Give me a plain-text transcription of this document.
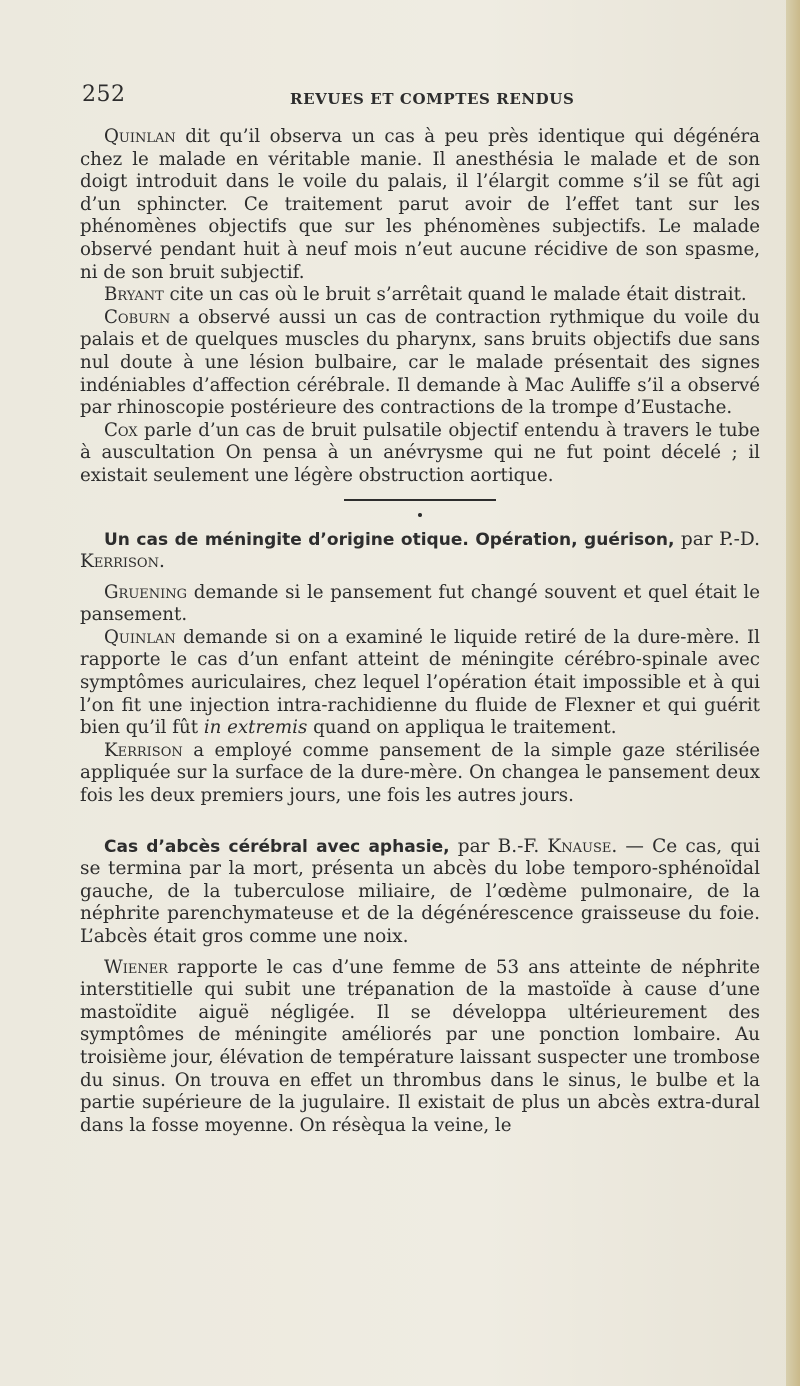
252	REVUES ET COMPTES RENDUS

Quinlan dit qu’il observa un cas à peu près identique qui dégénéra chez le malade en véritable manie. Il anesthésia le malade et de son doigt introduit dans le voile du palais, il l’élargit comme s’il se fût agi d’un sphincter. Ce traitement parut avoir de l’effet tant sur les phénomènes objectifs que sur les phénomènes subjectifs. Le malade observé pendant huit à neuf mois n’eut aucune récidive de son spasme, ni de son bruit subjectif.

Bryant cite un cas où le bruit s’arrêtait quand le malade était distrait.

Coburn a observé aussi un cas de contraction rythmique du voile du palais et de quelques muscles du pharynx, sans bruits objectifs due sans nul doute à une lésion bulbaire, car le malade présentait des signes indéniables d’affection cérébrale. Il demande à Mac Auliffe s’il a observé par rhinoscopie postérieure des contractions de la trompe d’Eustache.

Cox parle d’un cas de bruit pulsatile objectif entendu à travers le tube à auscultation On pensa à un anévrysme qui ne fut point décelé ; il existait seulement une légère obstruction aortique.

Un cas de méningite d’origine otique. Opération, guérison, par P.-D. Kerrison.

Gruening demande si le pansement fut changé souvent et quel était le pansement.

Quinlan demande si on a examiné le liquide retiré de la dure-mère. Il rapporte le cas d’un enfant atteint de méningite cérébro-spinale avec symptômes auriculaires, chez lequel l’opération était impossible et à qui l’on fit une injection intra-rachidienne du fluide de Flexner et qui guérit bien qu’il fût in extremis quand on appliqua le traitement.

Kerrison a employé comme pansement de la simple gaze stérilisée appliquée sur la surface de la dure-mère. On changea le pansement deux fois les deux premiers jours, une fois les autres jours.

Cas d’abcès cérébral avec aphasie, par B.-F. Knause. — Ce cas, qui se termina par la mort, présenta un abcès du lobe temporo-sphénoïdal gauche, de la tuberculose miliaire, de l’œdème pulmonaire, de la néphrite parenchymateuse et de la dégénérescence graisseuse du foie. L’abcès était gros comme une noix.

Wiener rapporte le cas d’une femme de 53 ans atteinte de néphrite interstitielle qui subit une trépanation de la mastoïde à cause d’une mastoïdite aiguë négligée. Il se développa ultérieurement des symptômes de méningite améliorés par une ponction lombaire. Au troisième jour, élévation de température laissant suspecter une trombose du sinus. On trouva en effet un thrombus dans le sinus, le bulbe et la partie supérieure de la jugulaire. Il existait de plus un abcès extra-dural dans la fosse moyenne. On résèqua la veine, le
